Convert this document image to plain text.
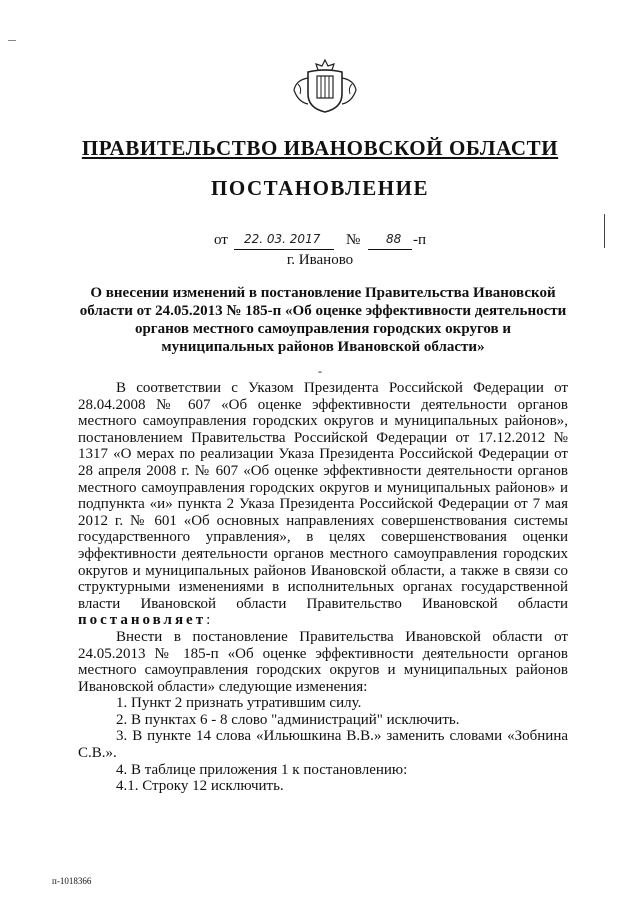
ПРАВИТЕЛЬСТВО ИВАНОВСКОЙ ОБЛАСТИ
ПОСТАНОВЛЕНИЕ
от 22. 03. 2017 № 88 -п
г. Иваново
О внесении изменений в постановление Правительства Ивановской области от 24.05.2013 № 185-п «Об оценке эффективности деятельности органов местного самоуправления городских округов и муниципальных районов Ивановской области»
-

В соответствии с Указом Президента Российской Федерации от 28.04.2008 № 607 «Об оценке эффективности деятельности органов местного самоуправления городских округов и муниципальных районов», постановлением Правительства Российской Федерации от 17.12.2012 № 1317 «О мерах по реализации Указа Президента Российской Федерации от 28 апреля 2008 г. № 607 «Об оценке эффективности деятельности органов местного самоуправления городских округов и муниципальных районов» и подпункта «и» пункта 2 Указа Президента Российской Федерации от 7 мая 2012 г. № 601 «Об основных направлениях совершенствования системы государственного управления», в целях совершенствования оценки эффективности деятельности органов местного самоуправления городских округов и муниципальных районов Ивановской области, а также в связи со структурными изменениями в исполнительных органах государственной власти Ивановской области Правительство Ивановской области постановляет:

Внести в постановление Правительства Ивановской области от 24.05.2013 № 185-п «Об оценке эффективности деятельности органов местного самоуправления городских округов и муниципальных районов Ивановской области» следующие изменения:

1. Пункт 2 признать утратившим силу.

2. В пунктах 6 - 8 слово "администраций" исключить.

3. В пункте 14 слова «Ильюшкина В.В.» заменить словами «Зобнина С.В.».

4. В таблице приложения 1 к постановлению:

4.1. Строку 12 исключить.

п-1018366
